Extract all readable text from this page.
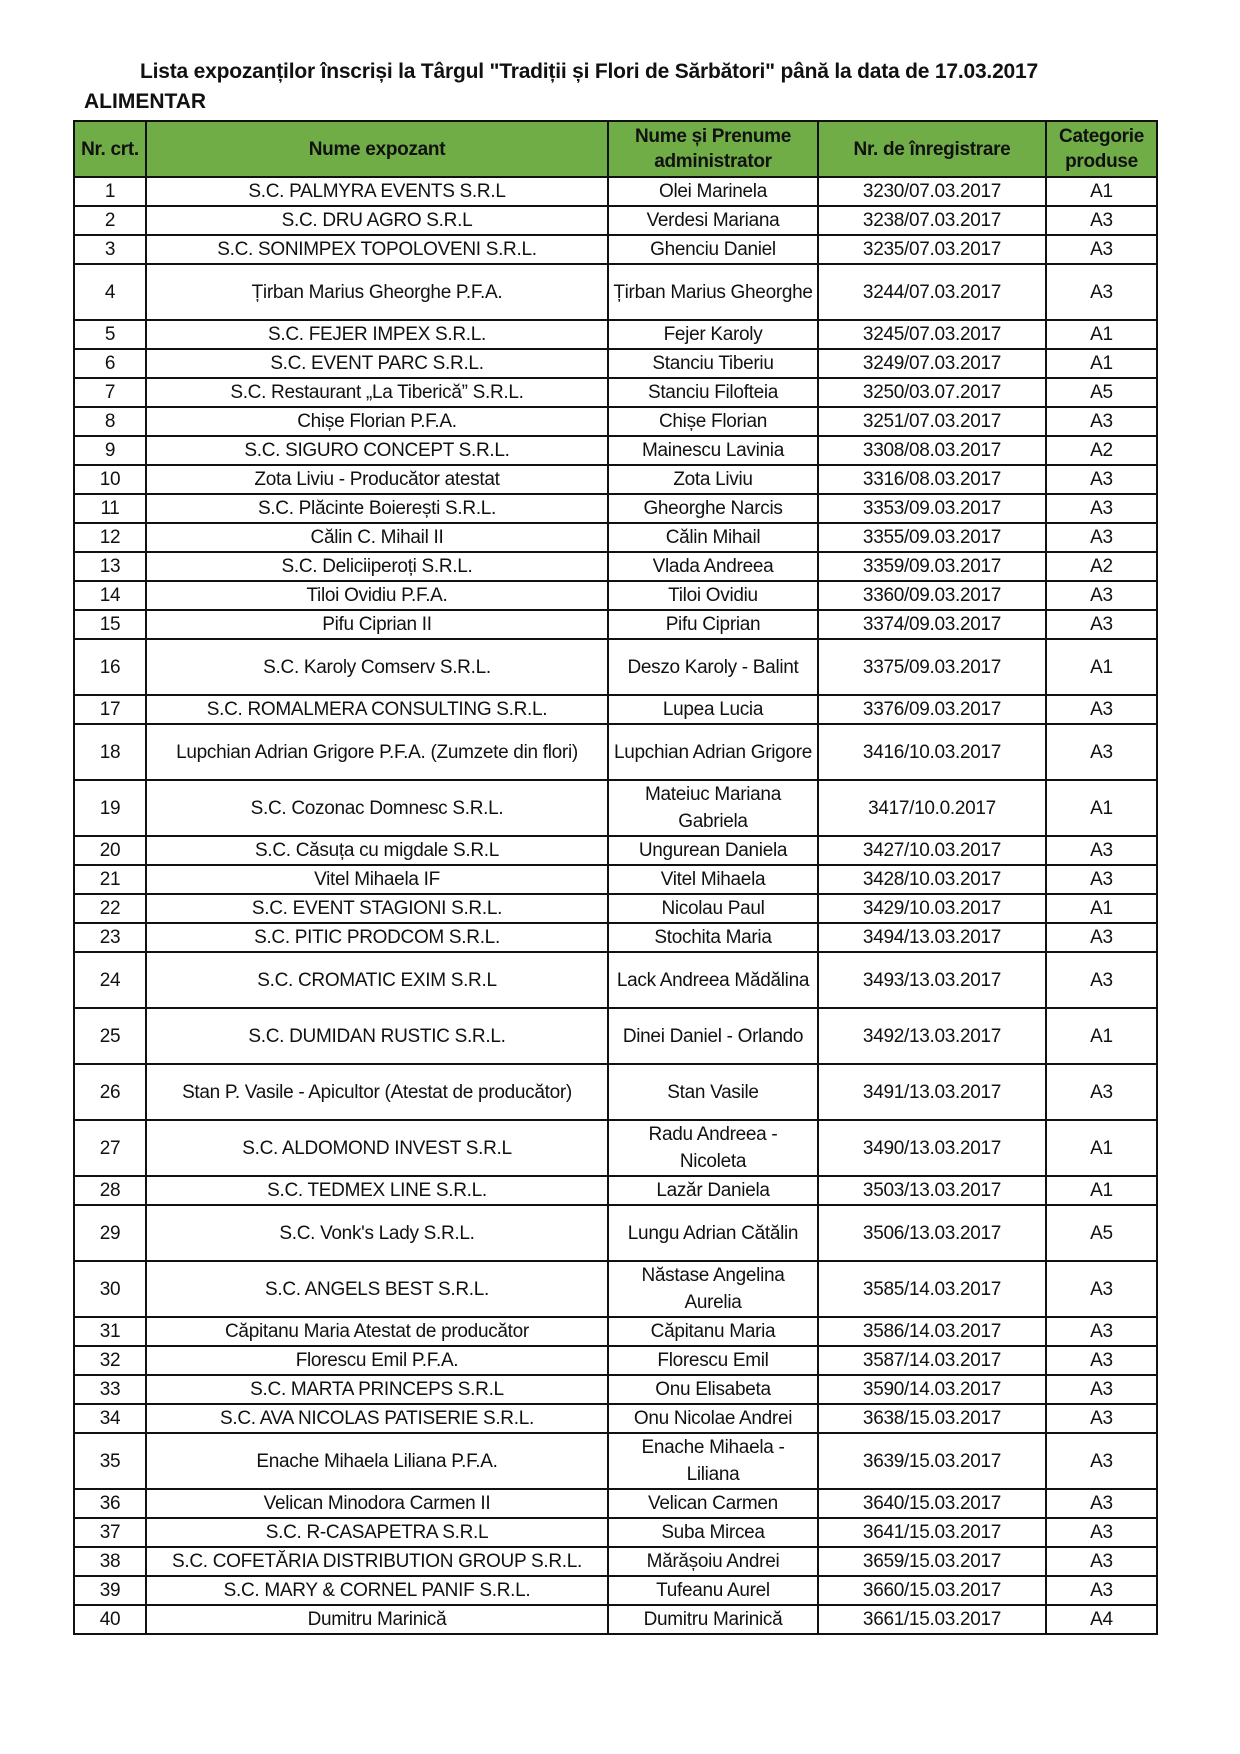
Lista expozanților înscriși la Târgul "Tradiții și Flori de Sărbători" până la data de 17.03.2017
ALIMENTAR
Nr. crt.	Nume expozant	Nume și Prenume administrator	Nr. de înregistrare	Categorie produse
1	S.C. PALMYRA EVENTS S.R.L	Olei Marinela	3230/07.03.2017	A1
2	S.C. DRU AGRO S.R.L	Verdesi Mariana	3238/07.03.2017	A3
3	S.C. SONIMPEX TOPOLOVENI S.R.L.	Ghenciu Daniel	3235/07.03.2017	A3
4	Țirban Marius Gheorghe P.F.A.	Țirban Marius Gheorghe	3244/07.03.2017	A3
5	S.C. FEJER IMPEX S.R.L.	Fejer Karoly	3245/07.03.2017	A1
6	S.C. EVENT PARC S.R.L.	Stanciu Tiberiu	3249/07.03.2017	A1
7	S.C. Restaurant „La Tiberică” S.R.L.	Stanciu Filofteia	3250/03.07.2017	A5
8	Chișe Florian P.F.A.	Chișe Florian	3251/07.03.2017	A3
9	S.C. SIGURO CONCEPT S.R.L.	Mainescu Lavinia	3308/08.03.2017	A2
10	Zota Liviu - Producător atestat	Zota Liviu	3316/08.03.2017	A3
11	S.C. Plăcinte Boierești S.R.L.	Gheorghe Narcis	3353/09.03.2017	A3
12	Călin C. Mihail II	Călin Mihail	3355/09.03.2017	A3
13	S.C. Deliciiperoți S.R.L.	Vlada Andreea	3359/09.03.2017	A2
14	Tiloi Ovidiu P.F.A.	Tiloi Ovidiu	3360/09.03.2017	A3
15	Pifu Ciprian II	Pifu Ciprian	3374/09.03.2017	A3
16	S.C. Karoly Comserv S.R.L.	Deszo Karoly - Balint	3375/09.03.2017	A1
17	S.C. ROMALMERA CONSULTING S.R.L.	Lupea Lucia	3376/09.03.2017	A3
18	Lupchian Adrian Grigore P.F.A. (Zumzete din flori)	Lupchian Adrian Grigore	3416/10.03.2017	A3
19	S.C. Cozonac Domnesc S.R.L.	Mateiuc Mariana Gabriela	3417/10.0.2017	A1
20	S.C. Căsuța cu migdale S.R.L	Ungurean Daniela	3427/10.03.2017	A3
21	Vitel Mihaela IF	Vitel Mihaela	3428/10.03.2017	A3
22	S.C. EVENT STAGIONI S.R.L.	Nicolau Paul	3429/10.03.2017	A1
23	S.C. PITIC PRODCOM S.R.L.	Stochita Maria	3494/13.03.2017	A3
24	S.C. CROMATIC EXIM S.R.L	Lack Andreea Mădălina	3493/13.03.2017	A3
25	S.C. DUMIDAN RUSTIC S.R.L.	Dinei Daniel - Orlando	3492/13.03.2017	A1
26	Stan P. Vasile - Apicultor (Atestat de producător)	Stan Vasile	3491/13.03.2017	A3
27	S.C. ALDOMOND INVEST S.R.L	Radu Andreea - Nicoleta	3490/13.03.2017	A1
28	S.C. TEDMEX LINE S.R.L.	Lazăr Daniela	3503/13.03.2017	A1
29	S.C. Vonk's Lady S.R.L.	Lungu Adrian Cătălin	3506/13.03.2017	A5
30	S.C. ANGELS BEST S.R.L.	Năstase Angelina Aurelia	3585/14.03.2017	A3
31	Căpitanu Maria Atestat de producător	Căpitanu Maria	3586/14.03.2017	A3
32	Florescu Emil P.F.A.	Florescu Emil	3587/14.03.2017	A3
33	S.C. MARTA PRINCEPS S.R.L	Onu Elisabeta	3590/14.03.2017	A3
34	S.C. AVA NICOLAS PATISERIE S.R.L.	Onu Nicolae Andrei	3638/15.03.2017	A3
35	Enache Mihaela Liliana P.F.A.	Enache Mihaela - Liliana	3639/15.03.2017	A3
36	Velican Minodora Carmen II	Velican Carmen	3640/15.03.2017	A3
37	S.C. R-CASAPETRA S.R.L	Suba Mircea	3641/15.03.2017	A3
38	S.C. COFETĂRIA DISTRIBUTION GROUP S.R.L.	Mărășoiu Andrei	3659/15.03.2017	A3
39	S.C. MARY & CORNEL PANIF S.R.L.	Tufeanu Aurel	3660/15.03.2017	A3
40	Dumitru Marinică	Dumitru Marinică	3661/15.03.2017	A4
